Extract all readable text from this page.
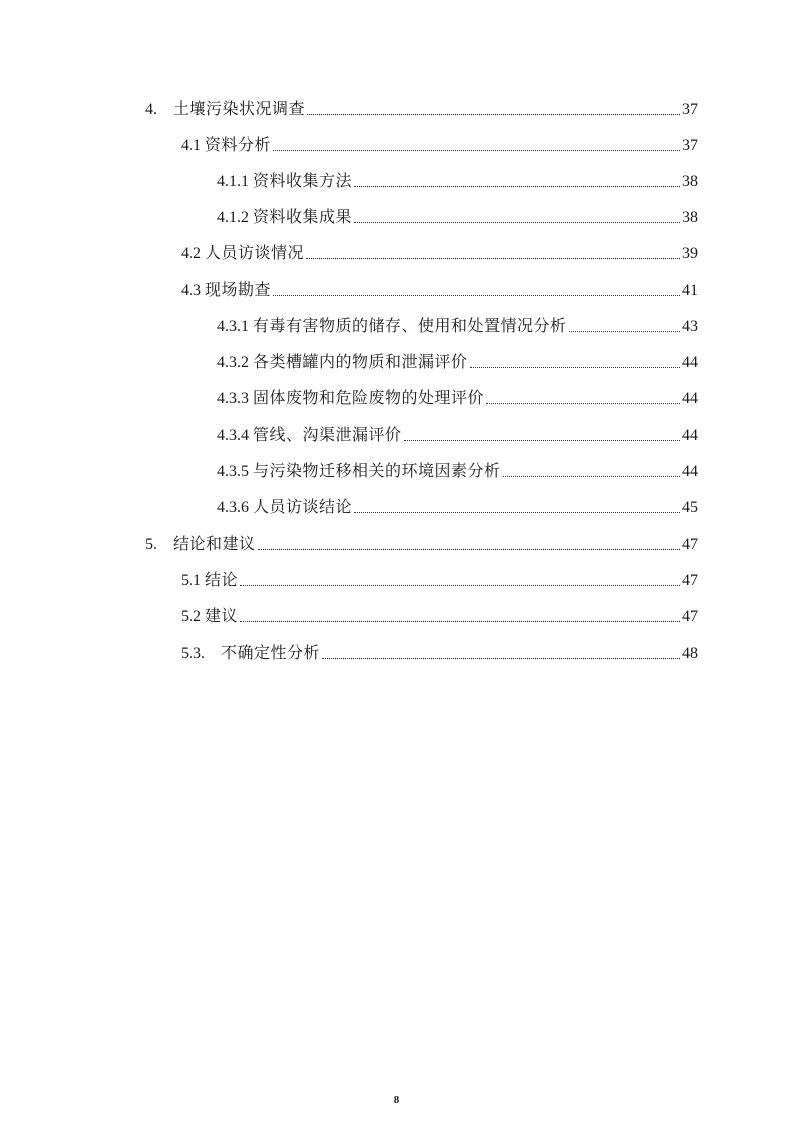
4. 土壤污染状况调查	37
4.1 资料分析	37
4.1.1 资料收集方法	38
4.1.2 资料收集成果	38
4.2 人员访谈情况	39
4.3 现场勘查	41
4.3.1 有毒有害物质的储存、使用和处置情况分析	43
4.3.2 各类槽罐内的物质和泄漏评价	44
4.3.3 固体废物和危险废物的处理评价	44
4.3.4 管线、沟渠泄漏评价	44
4.3.5 与污染物迁移相关的环境因素分析	44
4.3.6 人员访谈结论	45
5. 结论和建议	47
5.1 结论	47
5.2 建议	47
5.3. 不确定性分析	48
8
